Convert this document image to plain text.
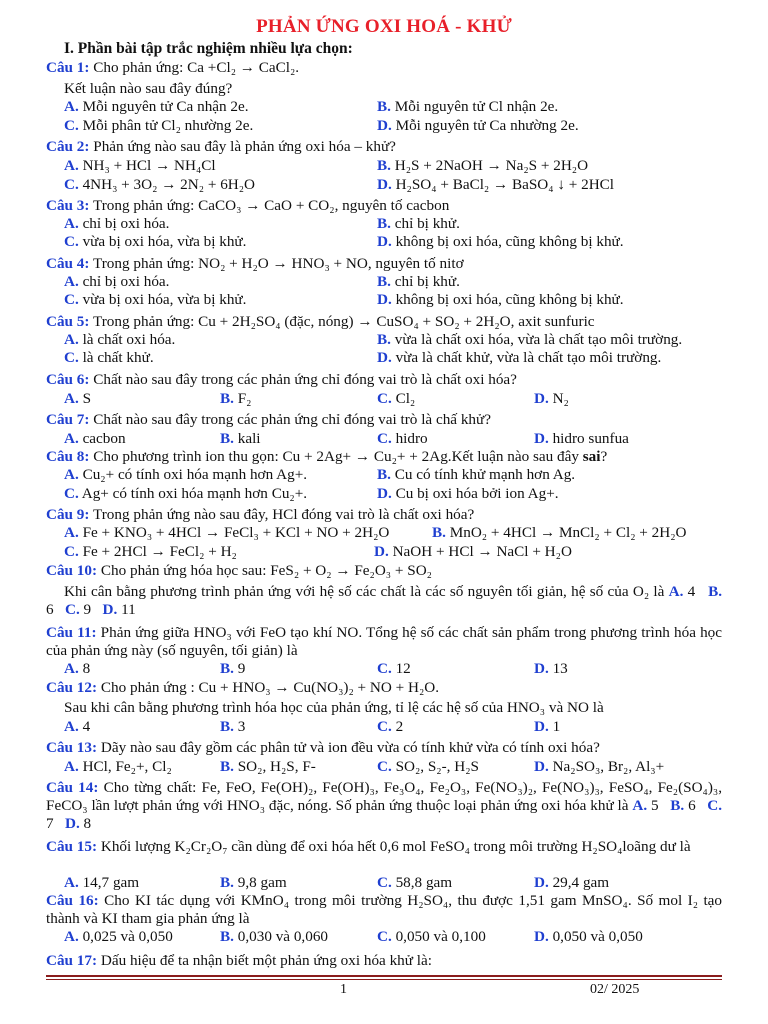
PHẢN ỨNG OXI HOÁ - KHỬ
I. Phần bài tập trắc nghiệm nhiều lựa chọn:
Câu 1: Cho phản ứng: Ca +Cl₂ → CaCl₂.
Kết luận nào sau đây đúng?
A. Mỗi nguyên tử Ca nhận 2e.	B. Mỗi nguyên tử Cl nhận 2e.
C. Mỗi phân tử Cl₂ nhường 2e.	D. Mỗi nguyên tử Ca nhường 2e.
Câu 2: Phản ứng nào sau đây là phản ứng oxi hóa – khử?
A. NH₃ + HCl → NH₄Cl	B. H₂S + 2NaOH → Na₂S + 2H₂O
C. 4NH₃ + 3O₂ → 2N₂ + 6H₂O	D. H₂SO₄ + BaCl₂ → BaSO₄ ↓ + 2HCl
Câu 3: Trong phản ứng: CaCO₃ → CaO + CO₂, nguyên tố cacbon
A. chỉ bị oxi hóa.	B. chỉ bị khử.
C. vừa bị oxi hóa, vừa bị khử.	D. không bị oxi hóa, cũng không bị khử.
Câu 4: Trong phản ứng: NO₂ + H₂O → HNO₃ + NO, nguyên tố nitơ
A. chỉ bị oxi hóa.	B. chỉ bị khử.
C. vừa bị oxi hóa, vừa bị khử.	D. không bị oxi hóa, cũng không bị khử.
Câu 5: Trong phản ứng: Cu + 2H₂SO₄ (đặc, nóng) → CuSO₄ + SO₂ + 2H₂O, axit sunfuric
A. là chất oxi hóa.	B. vừa là chất oxi hóa, vừa là chất tạo môi trường.
C. là chất khử.	D. vừa là chất khử, vừa là chất tạo môi trường.
Câu 6: Chất nào sau đây trong các phản ứng chỉ đóng vai trò là chất oxi hóa?
A. S	B. F₂	C. Cl₂	D. N₂
Câu 7: Chất nào sau đây trong các phản ứng chỉ đóng vai trò là chấ khử?
A. cacbon	B. kali	C. hidro	D. hidro sunfua
Câu 8: Cho phương trình ion thu gọn: Cu + 2Ag+ → Cu₂+ + 2Ag.Kết luận nào sau đây sai?
A. Cu₂+ có tính oxi hóa mạnh hơn Ag+.	B. Cu có tính khử mạnh hơn Ag.
C. Ag+ có tính oxi hóa mạnh hơn Cu₂+.	D. Cu bị oxi hóa bởi ion Ag+.
Câu 9: Trong phản ứng nào sau đây, HCl đóng vai trò là chất oxi hóa?
A. Fe + KNO₃ + 4HCl → FeCl₃ + KCl + NO + 2H₂O	B. MnO₂ + 4HCl → MnCl₂ + Cl₂ + 2H₂O
C. Fe + 2HCl → FeCl₂ + H₂	D. NaOH + HCl → NaCl + H₂O
Câu 10: Cho phản ứng hóa học sau: FeS₂ + O₂ → Fe₂O₃ + SO₂
Khi cân bằng phương trình phản ứng với hệ số các chất là các số nguyên tối giản, hệ số của O₂ là A. 4 B. 6 C. 9 D. 11
Câu 11: Phản ứng giữa HNO₃ với FeO tạo khí NO. Tổng hệ số các chất sản phẩm trong phương trình hóa học của phản ứng này (số nguyên, tối giản) là
A. 8	B. 9	C. 12	D. 13
Câu 12: Cho phản ứng : Cu + HNO₃ → Cu(NO₃)₂ + NO + H₂O.
Sau khi cân bằng phương trình hóa học của phản ứng, tỉ lệ các hệ số của HNO₃ và NO là
A. 4	B. 3	C. 2	D. 1
Câu 13: Dãy nào sau đây gồm các phân tử và ion đều vừa có tính khử vừa có tính oxi hóa?
A. HCl, Fe₂+, Cl₂	B. SO₂, H₂S, F-	C. SO₂, S₂-, H₂S	D. Na₂SO₃, Br₂, Al₃+
Câu 14: Cho từng chất: Fe, FeO, Fe(OH)₂, Fe(OH)₃, Fe₃O₄, Fe₂O₃, Fe(NO₃)₂, Fe(NO₃)₃, FeSO₄, Fe₂(SO₄)₃, FeCO₃ lần lượt phản ứng với HNO₃ đặc, nóng. Số phản ứng thuộc loại phản ứng oxi hóa khử là A. 5 B. 6 C. 7 D. 8
Câu 15: Khối lượng K₂Cr₂O₇ cần dùng để oxi hóa hết 0,6 mol FeSO₄ trong môi trường H₂SO₄loãng dư là
A. 14,7 gam	B. 9,8 gam	C. 58,8 gam	D. 29,4 gam
Câu 16: Cho KI tác dụng với KMnO₄ trong môi trường H₂SO₄, thu được 1,51 gam MnSO₄. Số mol I₂ tạo thành và KI tham gia phản ứng là
A. 0,025 và 0,050	B. 0,030 và 0,060	C. 0,050 và 0,100	D. 0,050 và 0,050
Câu 17: Dấu hiệu để ta nhận biết một phản ứng oxi hóa khử là:
1	02/ 2025
